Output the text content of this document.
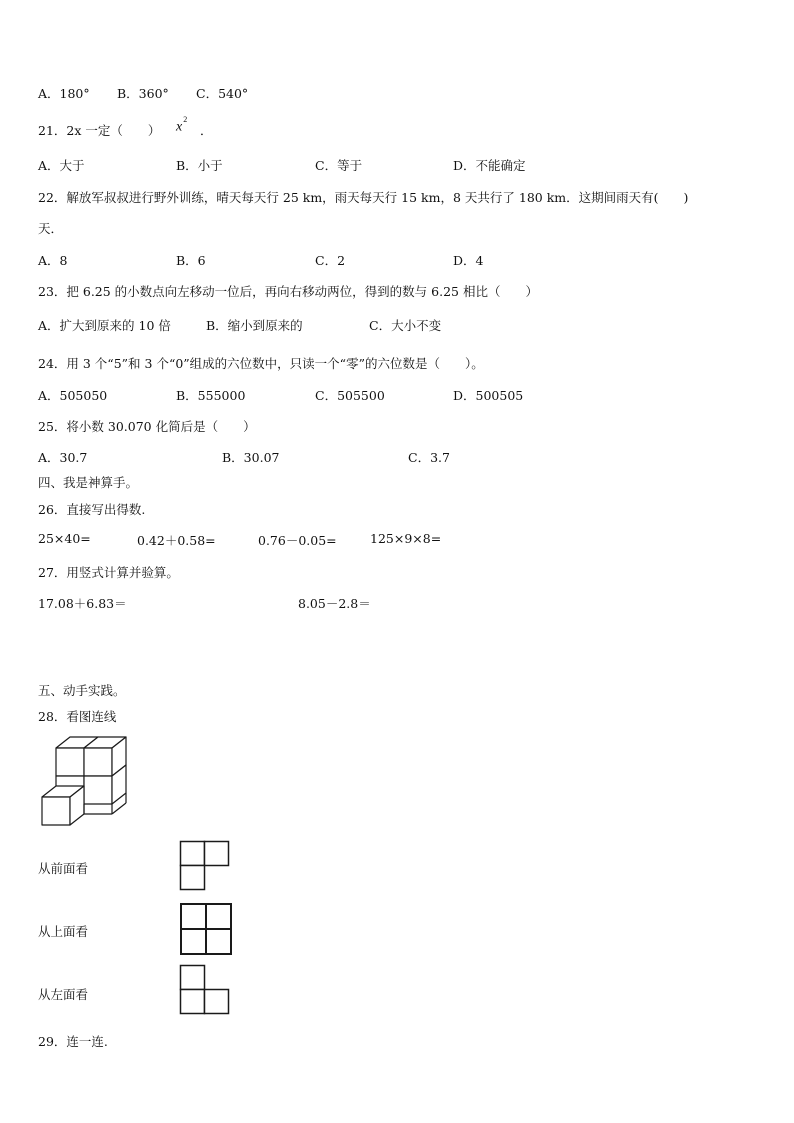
A．180° B．360° C．540°
21．2x 一定（　　） $x^2$
．
A．大于	B．小于	C．等于	D．不能确定
22．解放军叔叔进行野外训练，晴天每天行 25 km，雨天每天行 15 km，8 天共行了 180 km．这期间雨天有(　　)
天．
A．8	B．6	C．2	D．4
23．把 6.25 的小数点向左移动一位后，再向右移动两位，得到的数与 6.25 相比（　　）
A．扩大到原来的 10 倍	B．缩小到原来的	C．大小不变
24．用 3 个“5”和 3 个“0”组成的六位数中，只读一个“零”的六位数是（　　）。
A．505050	B．555000	C．505500	D．500505
25．将小数 30.070 化简后是（　　）
A．30.7	B．30.07	C．3.7
四、我是神算手。
26．直接写出得数.
25×40=	0.42＋0.58=	0.76－0.05=	125×9×8=
27．用竖式计算并验算。
17.08＋6.83＝	8.05－2.8＝
五、动手实践。
28．看图连线
从前面看
从上面看
从左面看
29．连一连.
